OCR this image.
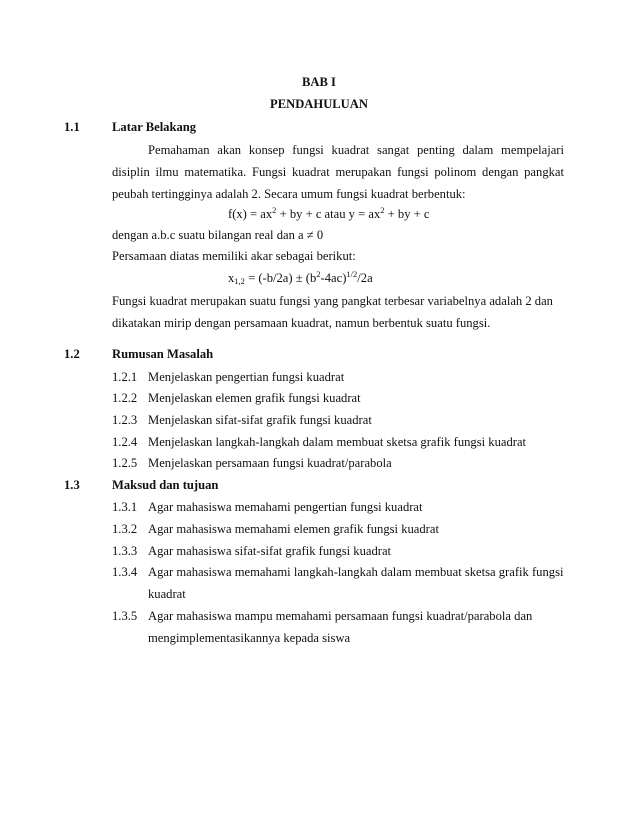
BAB I
PENDAHULUAN
1.1	Latar Belakang
Pemahaman akan konsep fungsi kuadrat sangat penting dalam mempelajari
disiplin ilmu matematika. Fungsi kuadrat merupakan fungsi polinom dengan pangkat
peubah tertingginya adalah 2. Secara umum fungsi kuadrat berbentuk:
$f(x) = ax^2$ + by + c atau $y = ax^2$ + by + c
dengan a.b.c suatu bilangan real dan a ≠ 0
Persamaan diatas memiliki akar sebagai berikut:
$x_{1,2} = (-b/2a) \pm (b^2-4ac)^{1/2}/2a$
Fungsi kuadrat merupakan suatu fungsi yang pangkat terbesar variabelnya adalah 2 dan
dikatakan mirip dengan persamaan kuadrat, namun berbentuk suatu fungsi.
1.2	Rumusan Masalah
1.2.1 Menjelaskan pengertian fungsi kuadrat
1.2.2 Menjelaskan elemen grafik fungsi kuadrat
1.2.3 Menjelaskan sifat-sifat grafik fungsi kuadrat
1.2.4 Menjelaskan langkah-langkah dalam membuat sketsa grafik fungsi kuadrat
1.2.5 Menjelaskan persamaan fungsi kuadrat/parabola
1.3	Maksud dan tujuan
1.3.1 Agar mahasiswa memahami pengertian fungsi kuadrat
1.3.2 Agar mahasiswa memahami elemen grafik fungsi kuadrat
1.3.3 Agar mahasiswa sifat-sifat grafik fungsi kuadrat
1.3.4 Agar mahasiswa memahami langkah-langkah dalam membuat sketsa grafik fungsi
kuadrat
1.3.5 Agar mahasiswa mampu memahami persamaan fungsi kuadrat/parabola dan
mengimplementasikannya kepada siswa
